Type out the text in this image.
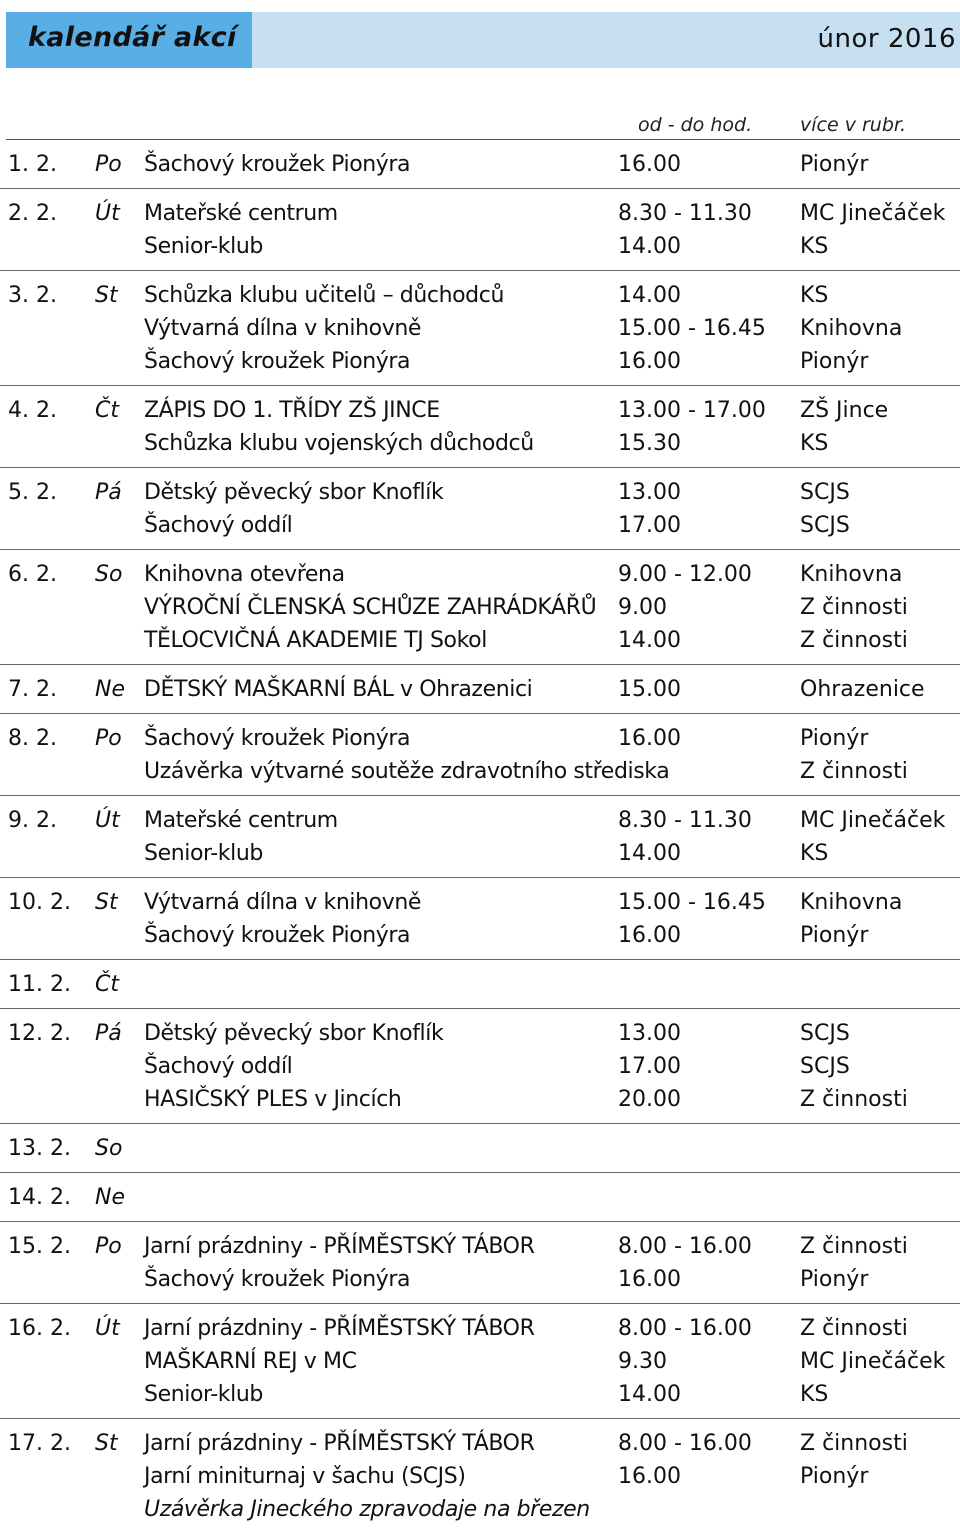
kalendář akcí	únor 2016
od - do hod.	více v rubr.
1. 2. Po Šachový kroužek Pionýra	16.00	Pionýr
2. 2. Út Mateřské centrum	8.30 - 11.30 MC Jinečáček
Senior-klub	14.00	KS
3. 2. St Schůzka klubu učitelů – důchodců	14.00	KS
Výtvarná dílna v knihovně	15.00 - 16.45 Knihovna
Šachový kroužek Pionýra	16.00	Pionýr
4. 2. Čt ZÁPIS DO 1. TŘÍDY ZŠ JINCE	13.00 - 17.00 ZŠ Jince
Schůzka klubu vojenských důchodců	15.30	KS
5. 2. Pá Dětský pěvecký sbor Knoflík	13.00	SCJS
Šachový oddíl	17.00	SCJS
6. 2. So Knihovna otevřena	9.00 - 12.00 Knihovna
VÝROČNÍ ČLENSKÁ SCHŮZE ZAHRÁDKÁŘŮ 9.00	Z činnosti
TĚLOCVIČNÁ AKADEMIE TJ Sokol	14.00	Z činnosti
7. 2. Ne DĚTSKÝ MAŠKARNÍ BÁL v Ohrazenici	15.00	Ohrazenice
8. 2. Po Šachový kroužek Pionýra	16.00	Pionýr
Uzávěrka výtvarné soutěže zdravotního střediska	Z činnosti
9. 2. Út Mateřské centrum	8.30 - 11.30 MC Jinečáček
Senior-klub	14.00	KS
10. 2. St Výtvarná dílna v knihovně	15.00 - 16.45 Knihovna
Šachový kroužek Pionýra	16.00	Pionýr
11. 2. Čt
12. 2. Pá Dětský pěvecký sbor Knoflík	13.00	SCJS
Šachový oddíl	17.00	SCJS
HASIČSKÝ PLES v Jincích	20.00	Z činnosti
13. 2. So
14. 2. Ne
15. 2. Po Jarní prázdniny - PŘÍMĚSTSKÝ TÁBOR	8.00 - 16.00 Z činnosti
Šachový kroužek Pionýra	16.00	Pionýr
16. 2. Út Jarní prázdniny - PŘÍMĚSTSKÝ TÁBOR	8.00 - 16.00 Z činnosti
MAŠKARNÍ REJ v MC	9.30	MC Jinečáček
Senior-klub	14.00	KS
17. 2. St Jarní prázdniny - PŘÍMĚSTSKÝ TÁBOR	8.00 - 16.00 Z činnosti
Jarní miniturnaj v šachu (SCJS)	16.00	Pionýr
Uzávěrka Jineckého zpravodaje na březen
